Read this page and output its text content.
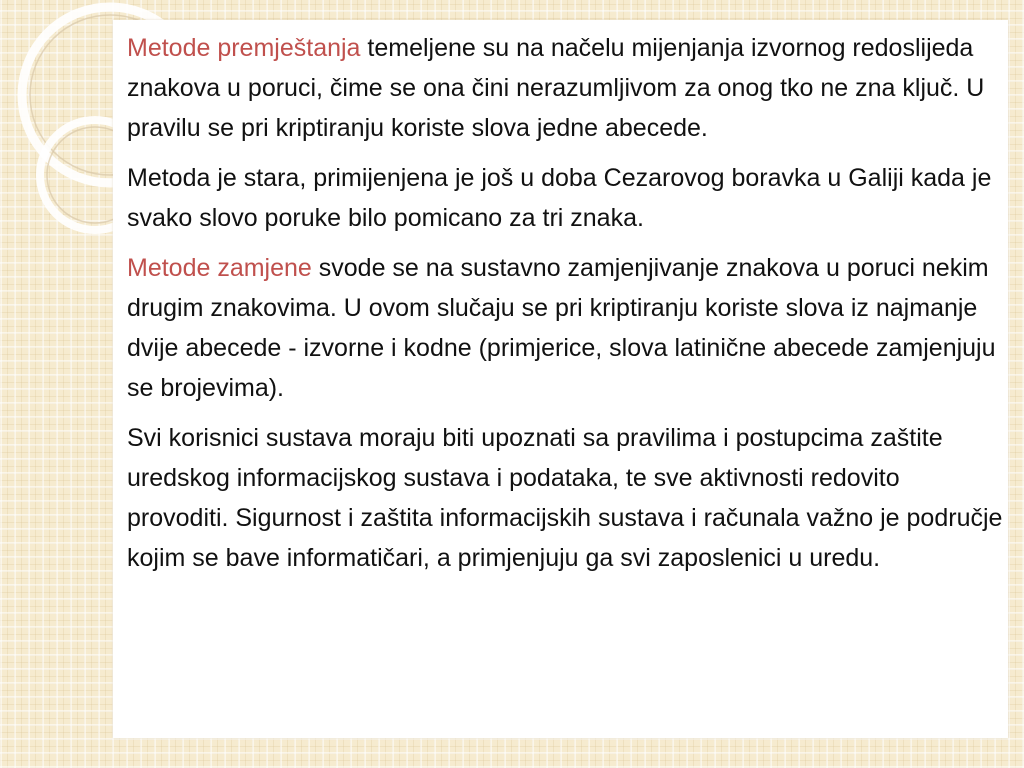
Metode premještanja temeljene su na načelu mijenjanja izvornog redoslijeda znakova u poruci, čime se ona čini nerazumljivom za onog tko ne zna ključ. U pravilu se pri kriptiranju koriste slova jedne abecede.

Metoda je stara, primijenjena je još u doba Cezarovog boravka u Galiji kada je svako slovo poruke bilo pomicano za tri znaka.

Metode zamjene svode se na sustavno zamjenjivanje znakova u poruci nekim drugim znakovima. U ovom slučaju se pri kriptiranju koriste slova iz najmanje dvije abecede - izvorne i kodne (primjerice, slova latinične abecede zamjenjuju se brojevima).

Svi korisnici sustava moraju biti upoznati sa pravilima i postupcima zaštite uredskog informacijskog sustava i podataka, te sve aktivnosti redovito provoditi. Sigurnost i zaštita informacijskih sustava i računala važno je područje kojim se bave informatičari, a primjenjuju ga svi zaposlenici u uredu.
